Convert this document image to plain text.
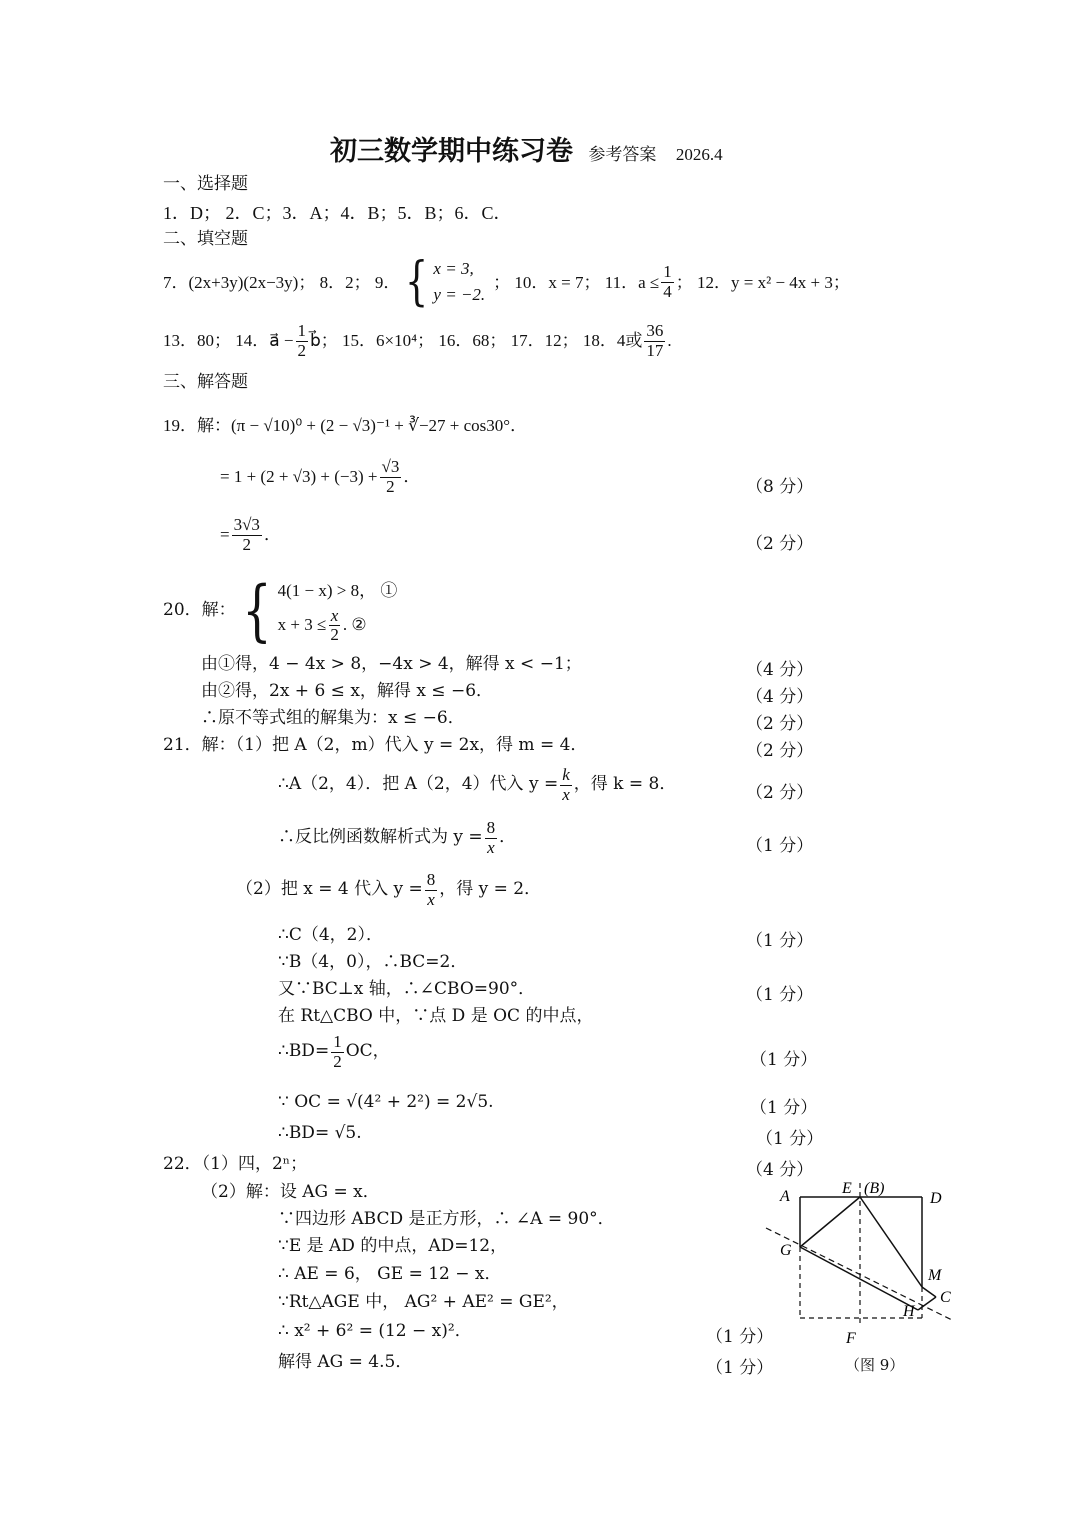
初三数学期中练习卷 参考答案 2026.4
一、选择题
1．D； 2．C；3．A；4．B；5．B；6．C．
二、填空题
7．(2x+3y)(2x−3y)； 8．2； 9． { x = 3,
y = −2.
； 10．x = 7； 11．$a \le \frac{1}{4}$ ； 12．y = x² − 4x + 3；
13．80； 14．a⃗ − $\frac{1}{2}$ b⃗； 15．6×10⁴； 16．68； 17．12； 18．4或 $\frac{36}{17}$ .
三、解答题
19．解：(π − √10)⁰ + (2 − √3)⁻¹ + ∛−27 + cos30°．
= $1 + (2 + √3) + (-3) + \frac{√3}{2}$ ．
（8 分）
= $\frac{3√3}{2}$ ．	（2 分）
20．解： { 4(1 − x) > 8， ①
$x + 3 \le \frac{x}{2}$ . ②
由①得，4 − 4x > 8，−4x > 4，解得 x < −1；	（4 分）
由②得，2x + 6 ≤ x，解得 x ≤ −6．	（4 分）
∴原不等式组的解集为：x ≤ −6．	（2 分）
21．解：（1）把 A（2，m）代入 y = 2x，得 m = 4．	（2 分）
∴A（2，4）．把 A（2，4）代入 $y = \frac{k}{x}$ ，得 k = 8．	（2 分）
∴反比例函数解析式为 $y = \frac{8}{x}$ ．	（1 分）
（2）把 x = 4 代入 $y = \frac{8}{x}$ ，得 y = 2．
∴C（4，2）．	（1 分）
∵B（4，0），∴BC=2．
又∵BC⊥x 轴，∴∠CBO=90°．	（1 分）
在 Rt△CBO 中，∵点 D 是 OC 的中点，
∴BD= $\frac{1}{2}$ OC，	（1 分）
∵ OC = √(4² + 2²) = 2√5.	（1 分）
∴BD= √5.	（1 分）
22．（1）四，2ⁿ；	（4 分）
（2）解：设 AG = x．
∵四边形 ABCD 是正方形，∴ ∠A = 90°．
∵E 是 AD 的中点，AD=12，
∴ AE = 6， GE = 12 − x．
∵Rt△AGE 中， AG² + AE² = GE²，
∴ x² + 6² = (12 − x)²．	（1 分）
解得 AG = 4.5．	（1 分）
A	E (B)
D
G
M
C
H
F
（图 9）
